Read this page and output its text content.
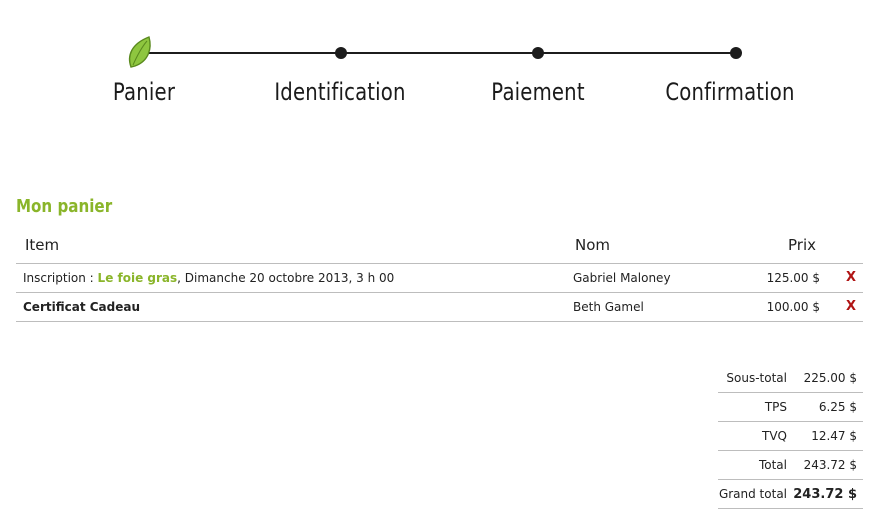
Panier	Identification	Paiement	Confirmation
Mon panier
Item	Nom	Prix
Inscription : Le foie gras, Dimanche 20 octobre 2013, 3 h 00	Gabriel Maloney	125.00 $ X
Certificat Cadeau	Beth Gamel	100.00 $ X
Sous-total 225.00 $
TPS	6.25 $
TVQ 12.47 $
Total 243.72 $
Grand total 243.72 $
